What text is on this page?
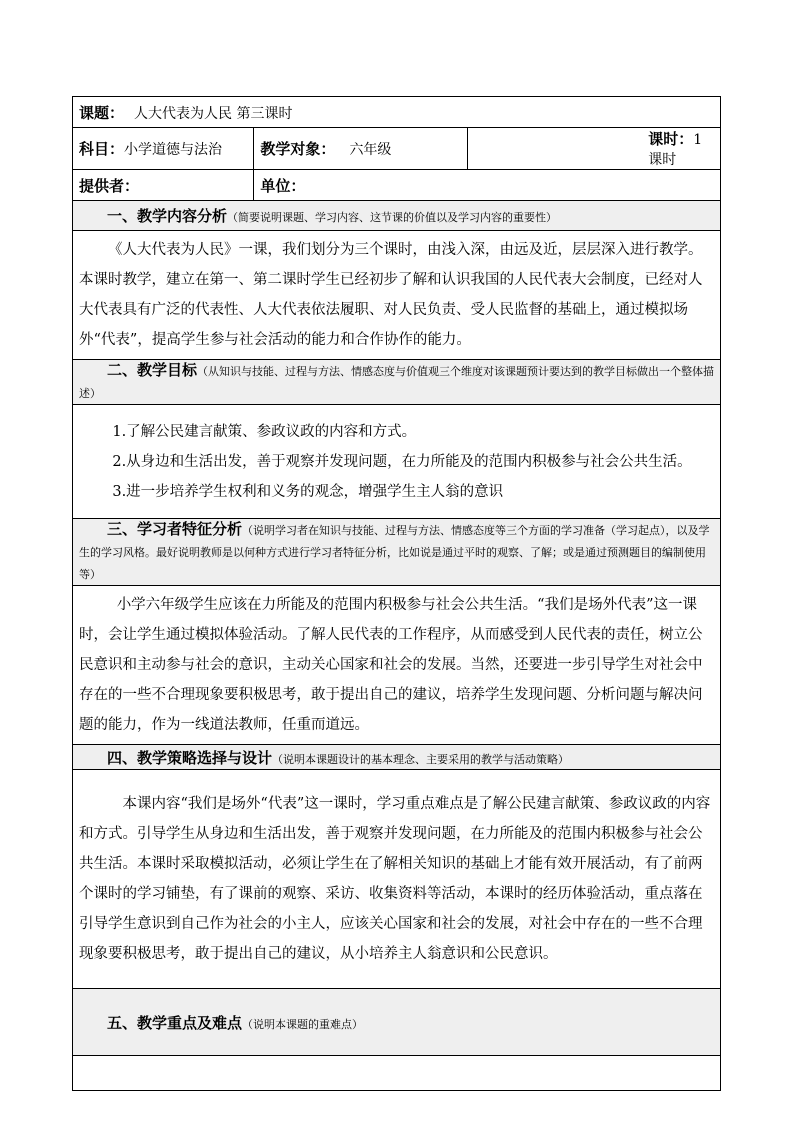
课题： 人大代表为人民 第三课时		
科目：小学道德与法治	教学对象： 六年级	课时：1 课时
提供者：	单位：	
一、教学内容分析（简要说明课题、学习内容、这节课的价值以及学习内容的重要性）		

《人大代表为人民》一课，我们划分为三个课时，由浅入深，由远及近，层层深入进行教学。本课时教学，建立在第一、第二课时学生已经初步了解和认识我国的人民代表大会制度，已经对人大代表具有广泛的代表性、人大代表依法履职、对人民负责、受人民监督的基础上，通过模拟场外“代表”，提高学生参与社会活动的能力和合作协作的能力。		

二、教学目标（从知识与技能、过程与方法、情感态度与价值观三个维度对该课题预计要达到的教学目标做出一个整体描述）		

1.了解公民建言献策、参政议政的内容和方式。

2.从身边和生活出发，善于观察并发现问题，在力所能及的范围内积极参与社会公共生活。

3.进一步培养学生权利和义务的观念，增强学生主人翁的意识		

三、学习者特征分析（说明学习者在知识与技能、过程与方法、情感态度等三个方面的学习准备（学习起点），以及学生的学习风格。最好说明教师是以何种方式进行学习者特征分析，比如说是通过平时的观察、了解；或是通过预测题目的编制使用等）		

小学六年级学生应该在力所能及的范围内积极参与社会公共生活。“我们是场外代表”这一课时，会让学生通过模拟体验活动。了解人民代表的工作程序，从而感受到人民代表的责任，树立公民意识和主动参与社会的意识，主动关心国家和社会的发展。当然，还要进一步引导学生对社会中存在的一些不合理现象要积极思考，敢于提出自己的建议，培养学生发现问题、分析问题与解决问题的能力，作为一线道法教师，任重而道远。		

四、教学策略选择与设计（说明本课题设计的基本理念、主要采用的教学与活动策略）		

本课内容“我们是场外“代表”这一课时，学习重点难点是了解公民建言献策、参政议政的内容和方式。引导学生从身边和生活出发，善于观察并发现问题，在力所能及的范围内积极参与社会公共生活。本课时采取模拟活动，必须让学生在了解相关知识的基础上才能有效开展活动，有了前两个课时的学习铺垫，有了课前的观察、采访、收集资料等活动，本课时的经历体验活动，重点落在引导学生意识到自己作为社会的小主人，应该关心国家和社会的发展，对社会中存在的一些不合理现象要积极思考，敢于提出自己的建议，从小培养主人翁意识和公民意识。		

五、教学重点及难点（说明本课题的重难点）		
